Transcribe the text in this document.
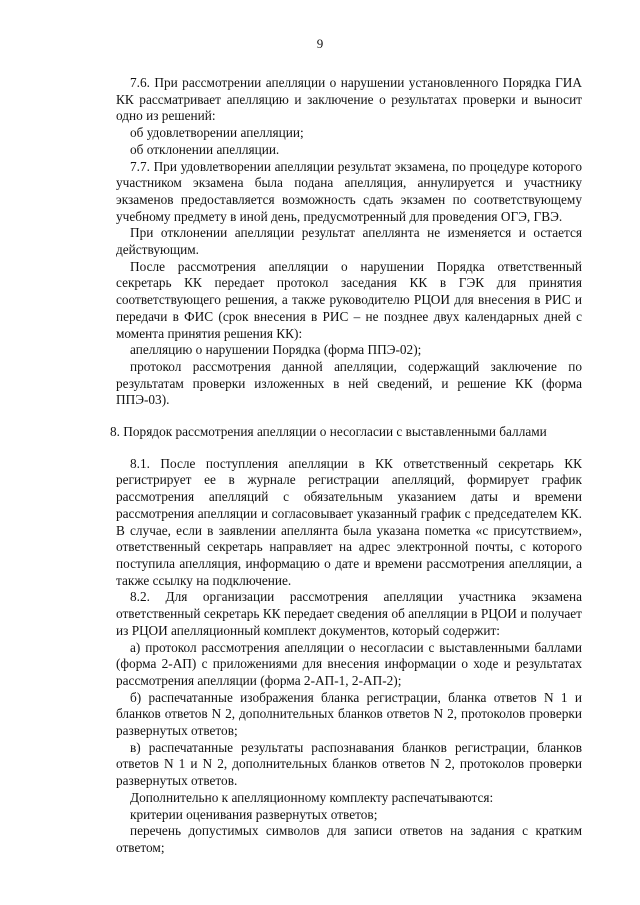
9

7.6. При рассмотрении апелляции о нарушении установленного Порядка ГИА КК рассматривает апелляцию и заключение о результатах проверки и выносит одно из решений:

об удовлетворении апелляции;

об отклонении апелляции.

7.7. При удовлетворении апелляции результат экзамена, по процедуре которого участником экзамена была подана апелляция, аннулируется и участнику экзаменов предоставляется возможность сдать экзамен по соответствующему учебному предмету в иной день, предусмотренный для проведения ОГЭ, ГВЭ.

При отклонении апелляции результат апеллянта не изменяется и остается действующим.

После рассмотрения апелляции о нарушении Порядка ответственный секретарь КК передает протокол заседания КК в ГЭК для принятия соответствующего решения, а также руководителю РЦОИ для внесения в РИС и передачи в ФИС (срок внесения в РИС – не позднее двух календарных дней с момента принятия решения КК):

апелляцию о нарушении Порядка (форма ППЭ-02);

протокол рассмотрения данной апелляции, содержащий заключение по результатам проверки изложенных в ней сведений, и решение КК (форма ППЭ-03).

8. Порядок рассмотрения апелляции о несогласии с выставленными баллами

8.1. После поступления апелляции в КК ответственный секретарь КК регистрирует ее в журнале регистрации апелляций, формирует график рассмотрения апелляций с обязательным указанием даты и времени рассмотрения апелляции и согласовывает указанный график с председателем КК. В случае, если в заявлении апеллянта была указана пометка «с присутствием», ответственный секретарь направляет на адрес электронной почты, с которого поступила апелляция, информацию о дате и времени рассмотрения апелляции, а также ссылку на подключение.

8.2. Для организации рассмотрения апелляции участника экзамена ответственный секретарь КК передает сведения об апелляции в РЦОИ и получает из РЦОИ апелляционный комплект документов, который содержит:

а) протокол рассмотрения апелляции о несогласии с выставленными баллами (форма 2-АП) с приложениями для внесения информации о ходе и результатах рассмотрения апелляции (форма 2-АП-1, 2-АП-2);

б) распечатанные изображения бланка регистрации, бланка ответов N 1 и бланков ответов N 2, дополнительных бланков ответов N 2, протоколов проверки развернутых ответов;

в) распечатанные результаты распознавания бланков регистрации, бланков ответов N 1 и N 2, дополнительных бланков ответов N 2, протоколов проверки развернутых ответов.

Дополнительно к апелляционному комплекту распечатываются:

критерии оценивания развернутых ответов;

перечень допустимых символов для записи ответов на задания с кратким ответом;
